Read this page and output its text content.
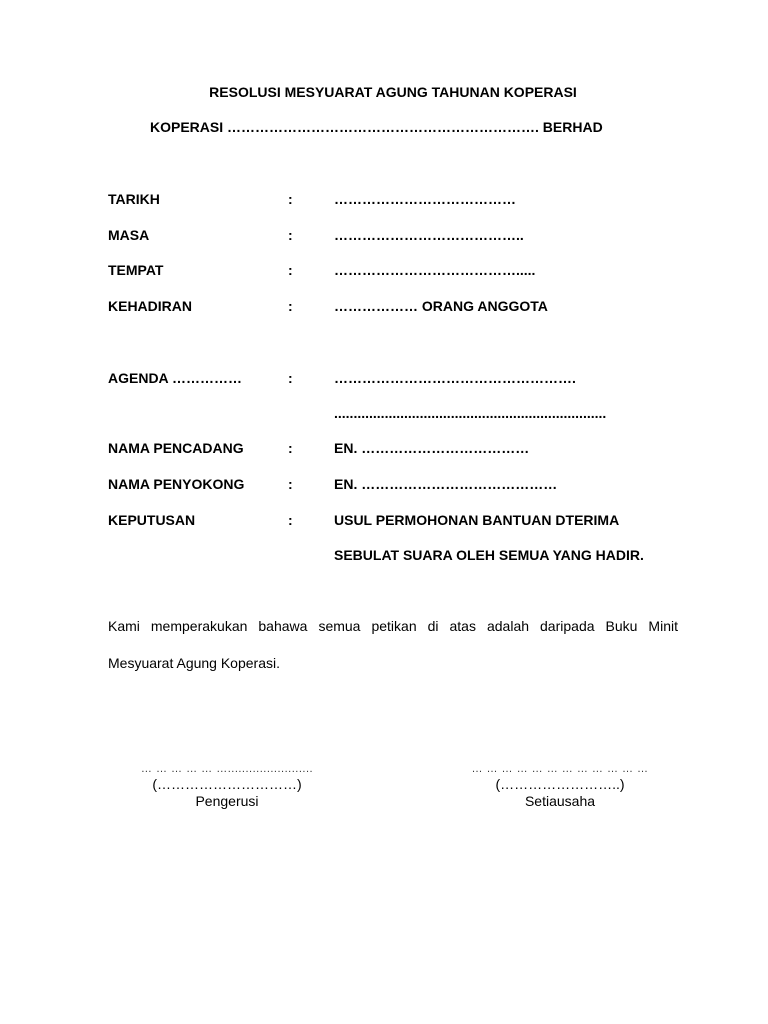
RESOLUSI MESYUARAT AGUNG TAHUNAN KOPERASI
KOPERASI …………………………………………………………. BERHAD
TARIKH	:	…………………………………
MASA	:	…………………………………..
TEMPAT	:	………………………………….....
KEHADIRAN	:	……………… ORANG ANGGOTA
AGENDA ……………	:	…………………………………………….
......................................................................
NAMA PENCADANG	:	EN. ………………………………
NAMA PENYOKONG	:	EN. ……………………………………
KEPUTUSAN	:	USUL PERMOHONAN BANTUAN DTERIMA
SEBULAT SUARA OLEH SEMUA YANG HADIR.
Kami memperakukan bahawa semua petikan di atas adalah daripada Buku Minit
Mesyuarat Agung Koperasi.
… … … … … …........................
(…………………………)
Pengerusi
… … … … … … … … … … … …
(……………………..)
Setiausaha
